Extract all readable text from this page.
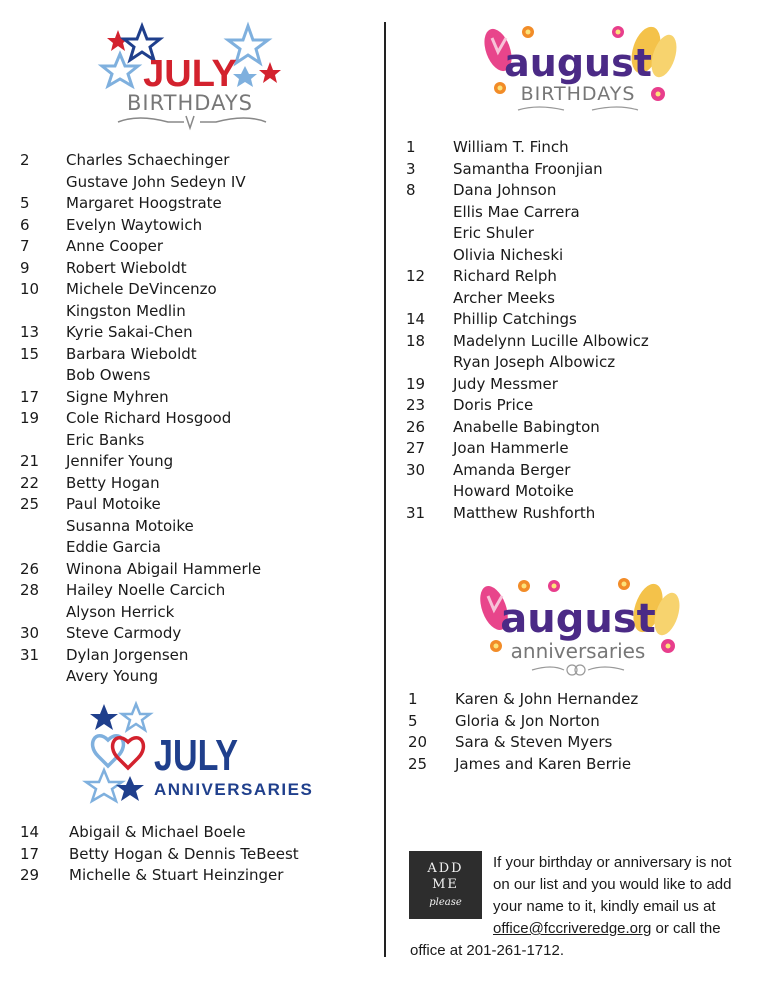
JULY
BIRTHDAYS
august
BIRTHDAYS
2	Charles Schaechinger
Gustave John Sedeyn IV
5	Margaret Hoogstrate
6	Evelyn Waytowich
7	Anne Cooper
9	Robert Wieboldt
10	Michele DeVincenzo
Kingston Medlin
13	Kyrie Sakai-Chen
15	Barbara Wieboldt
Bob Owens
17	Signe Myhren
19	Cole Richard Hosgood
Eric Banks
21	Jennifer Young
22	Betty Hogan
25	Paul Motoike
Susanna Motoike
Eddie Garcia
26	Winona Abigail Hammerle
28	Hailey Noelle Carcich
Alyson Herrick
30	Steve Carmody
31	Dylan Jorgensen
Avery Young
JULY
ANNIVERSARIES
14	Abigail & Michael Boele
17	Betty Hogan & Dennis TeBeest
29	Michelle & Stuart Heinzinger
1	William T. Finch
3	Samantha Froonjian
8	Dana Johnson
Ellis Mae Carrera
Eric Shuler
Olivia Nicheski
12	Richard Relph
Archer Meeks
14	Phillip Catchings
18	Madelynn Lucille Albowicz
Ryan Joseph Albowicz
19	Judy Messmer
23	Doris Price
26	Anabelle Babington
27	Joan Hammerle
30	Amanda Berger
Howard Motoike
31	Matthew Rushforth
august
anniversaries
1	Karen & John Hernandez
5	Gloria & Jon Norton
20	Sara & Steven Myers
25	James and Karen Berrie
ADD
ME
please
If your birthday or anniversary is not
on our list and you would like to add
your name to it, kindly email us at
office@fccriveredge.org or call the
office at 201-261-1712.
